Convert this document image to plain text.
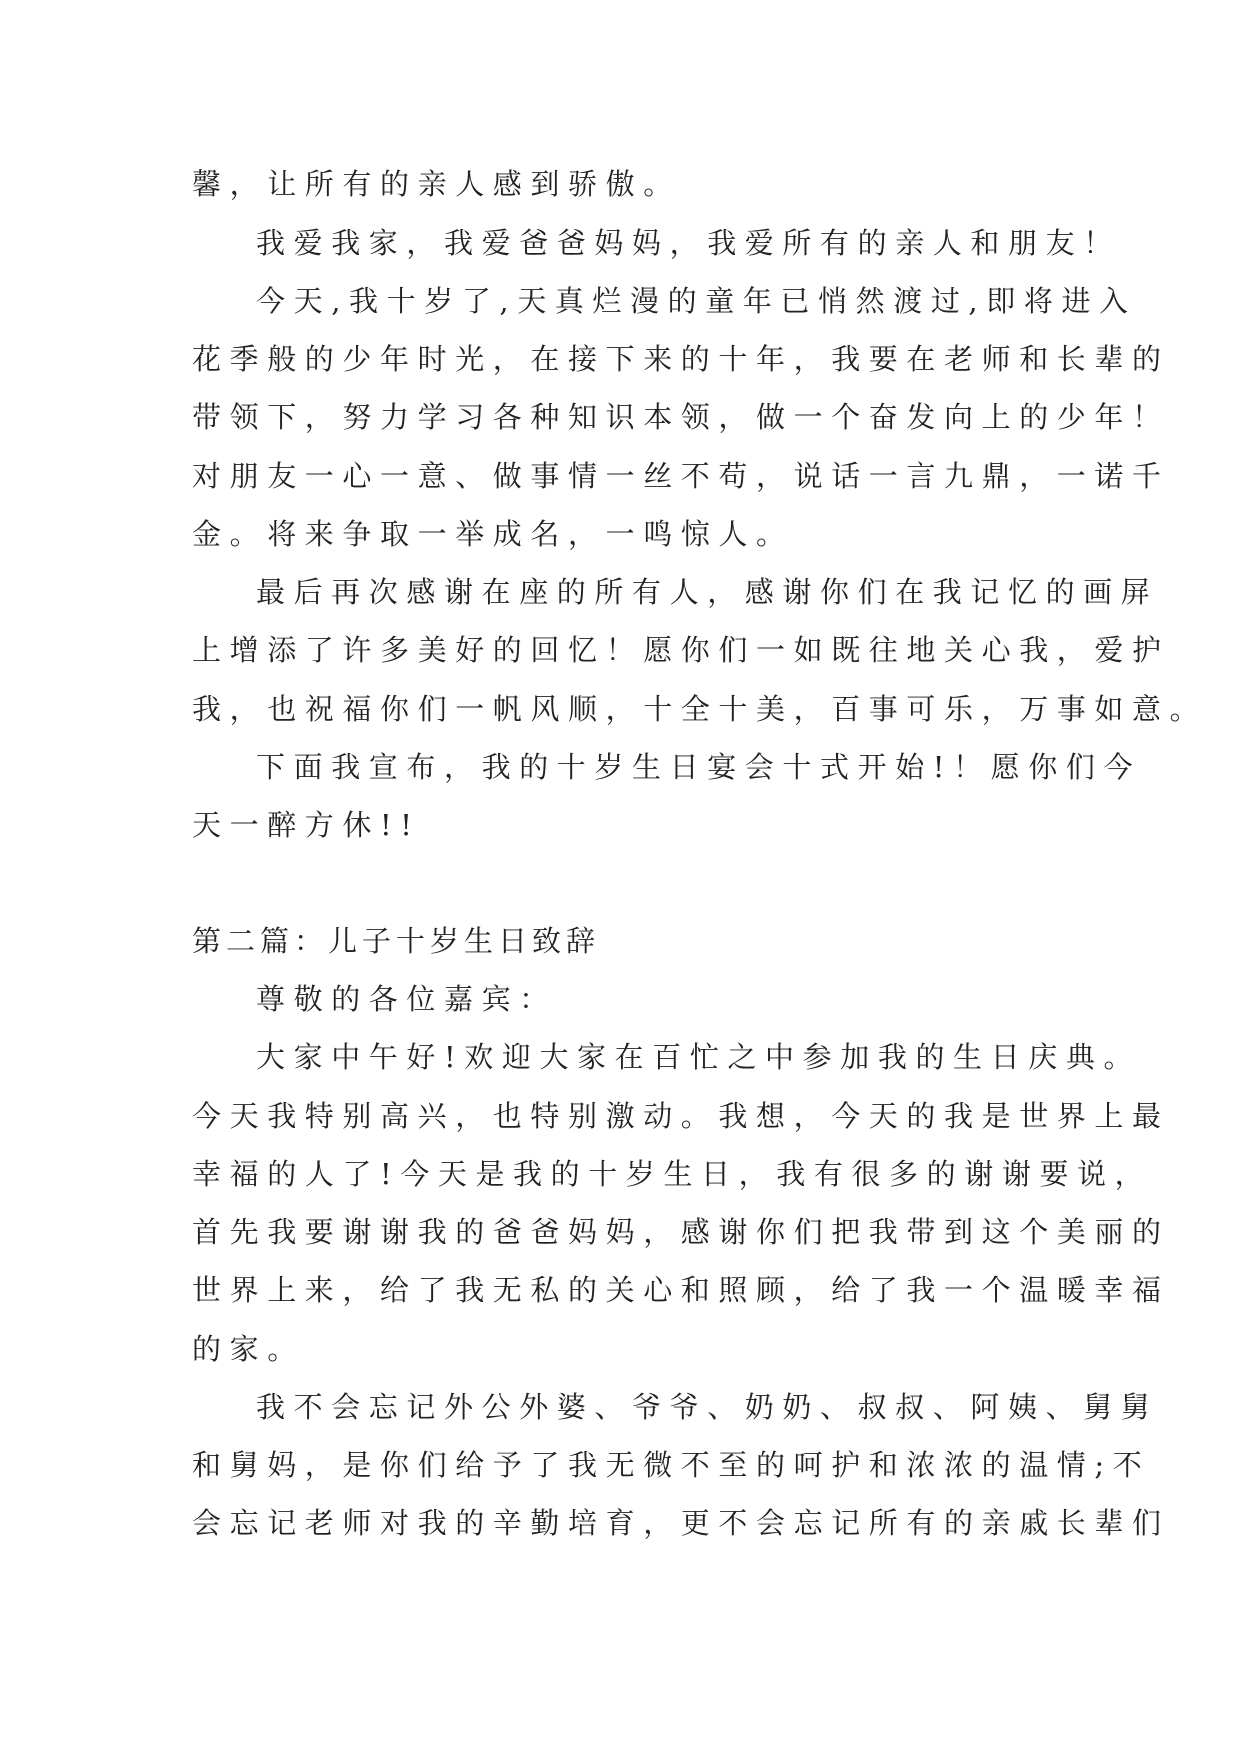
馨，让所有的亲人感到骄傲。

我爱我家，我爱爸爸妈妈，我爱所有的亲人和朋友！

今天,我十岁了,天真烂漫的童年已悄然渡过,即将进入

花季般的少年时光，在接下来的十年，我要在老师和长辈的

带领下，努力学习各种知识本领，做一个奋发向上的少年！

对朋友一心一意、做事情一丝不苟，说话一言九鼎，一诺千

金。将来争取一举成名，一鸣惊人。

最后再次感谢在座的所有人，感谢你们在我记忆的画屏

上增添了许多美好的回忆！愿你们一如既往地关心我，爱护

我，也祝福你们一帆风顺，十全十美，百事可乐，万事如意。

下面我宣布，我的十岁生日宴会十式开始!！愿你们今

天一醉方休!!

第二篇：儿子十岁生日致辞

尊敬的各位嘉宾：

大家中午好!欢迎大家在百忙之中参加我的生日庆典。

今天我特别高兴，也特别激动。我想，今天的我是世界上最

幸福的人了!今天是我的十岁生日，我有很多的谢谢要说，

首先我要谢谢我的爸爸妈妈，感谢你们把我带到这个美丽的

世界上来，给了我无私的关心和照顾，给了我一个温暖幸福

的家。

我不会忘记外公外婆、爷爷、奶奶、叔叔、阿姨、舅舅

和舅妈，是你们给予了我无微不至的呵护和浓浓的温情;不

会忘记老师对我的辛勤培育，更不会忘记所有的亲戚长辈们
